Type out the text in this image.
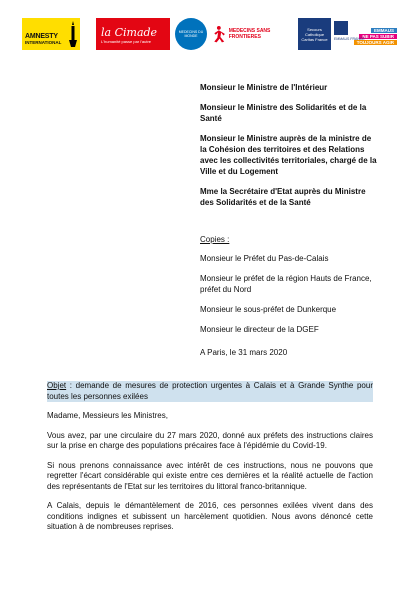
AMNESTY
INTERNATIONAL
la Cimade
L'humanité passe par l'autre
MEDECINS DU MONDE
MEDECINS SANS FRONTIERES
Secours
Catholique
Caritas France EMMAUS FRANCE
EMMAUS
NE PAS SUBIR
TOUJOURS AGIR

Monsieur le Ministre de l'Intérieur

Monsieur le Ministre des Solidarités et de la Santé

Monsieur le Ministre auprès de la ministre de la Cohésion des territoires et des Relations avec les collectivités territoriales, chargé de la Ville et du Logement

Mme la Secrétaire d'Etat auprès du Ministre des Solidarités et de la Santé

Copies :

Monsieur le Préfet du Pas-de-Calais

Monsieur le préfet de la région Hauts de France, préfet du Nord

Monsieur le sous-préfet de Dunkerque

Monsieur le directeur de la DGEF

A Paris, le 31 mars 2020

Objet : demande de mesures de protection urgentes à Calais et à Grande Synthe pour toutes les personnes exilées

Madame, Messieurs les Ministres,

Vous avez, par une circulaire du 27 mars 2020, donné aux préfets des instructions claires sur la prise en charge des populations précaires face à l'épidémie du Covid-19.

Si nous prenons connaissance avec intérêt de ces instructions, nous ne pouvons que regretter l'écart considérable qui existe entre ces dernières et la réalité actuelle de l'action des représentants de l'Etat sur les territoires du littoral franco-britannique.

A Calais, depuis le démantèlement de 2016, ces personnes exilées vivent dans des conditions indignes et subissent un harcèlement quotidien. Nous avons dénoncé cette situation à de nombreuses reprises.
